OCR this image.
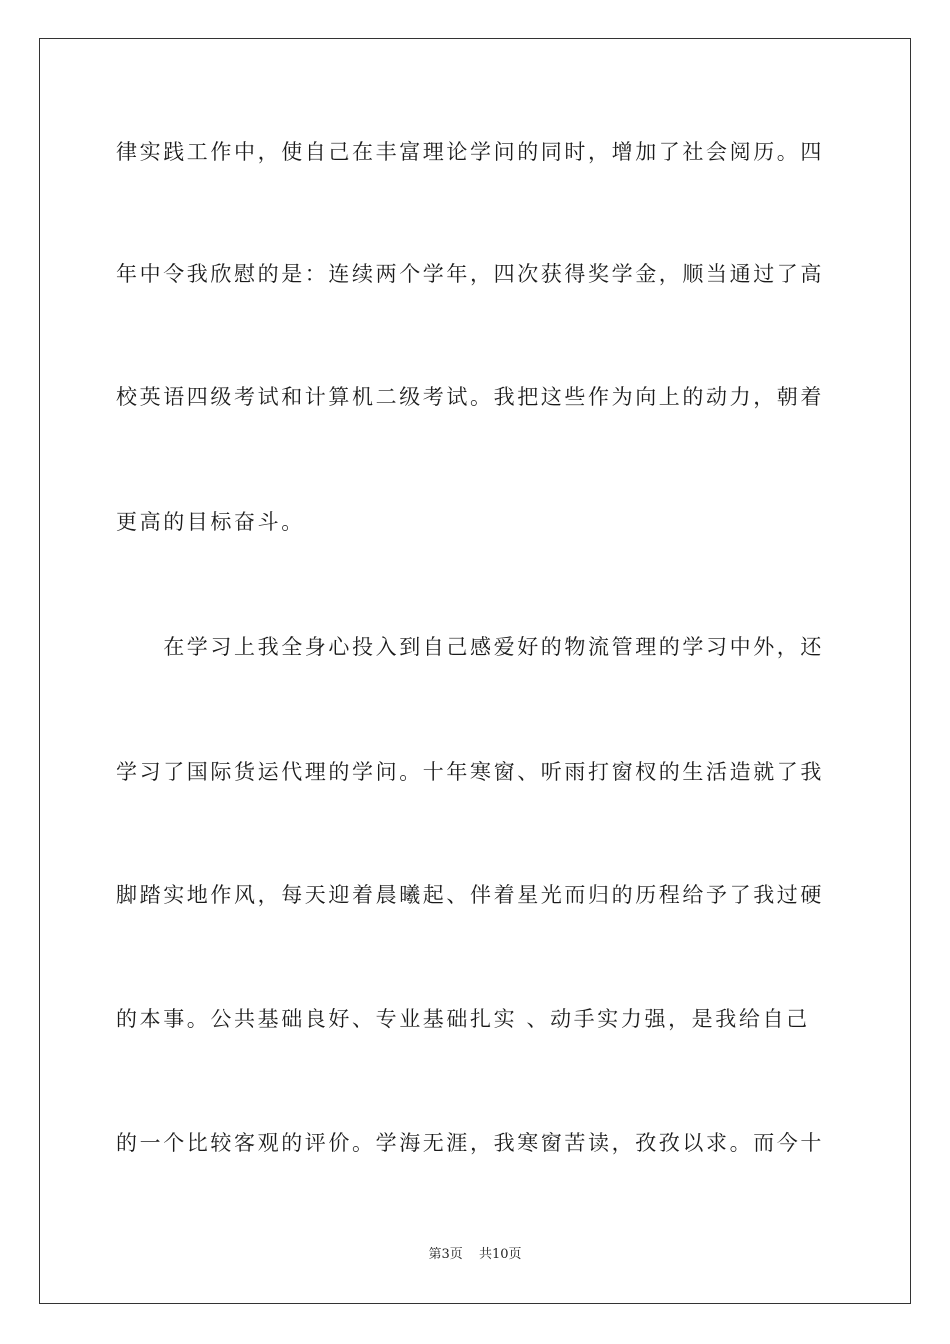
律实践工作中，使自己在丰富理论学问的同时，增加了社会阅历。四
年中令我欣慰的是：连续两个学年，四次获得奖学金，顺当通过了高
校英语四级考试和计算机二级考试。我把这些作为向上的动力，朝着
更高的目标奋斗。
　　在学习上我全身心投入到自己感爱好的物流管理的学习中外，还
学习了国际货运代理的学问。十年寒窗、听雨打窗杈的生活造就了我
脚踏实地作风，每天迎着晨曦起、伴着星光而归的历程给予了我过硬
的本事。公共基础良好、专业基础扎实 、动手实力强，是我给自己
的一个比较客观的评价。学海无涯，我寒窗苦读，孜孜以求。而今十
第3页 共10页
